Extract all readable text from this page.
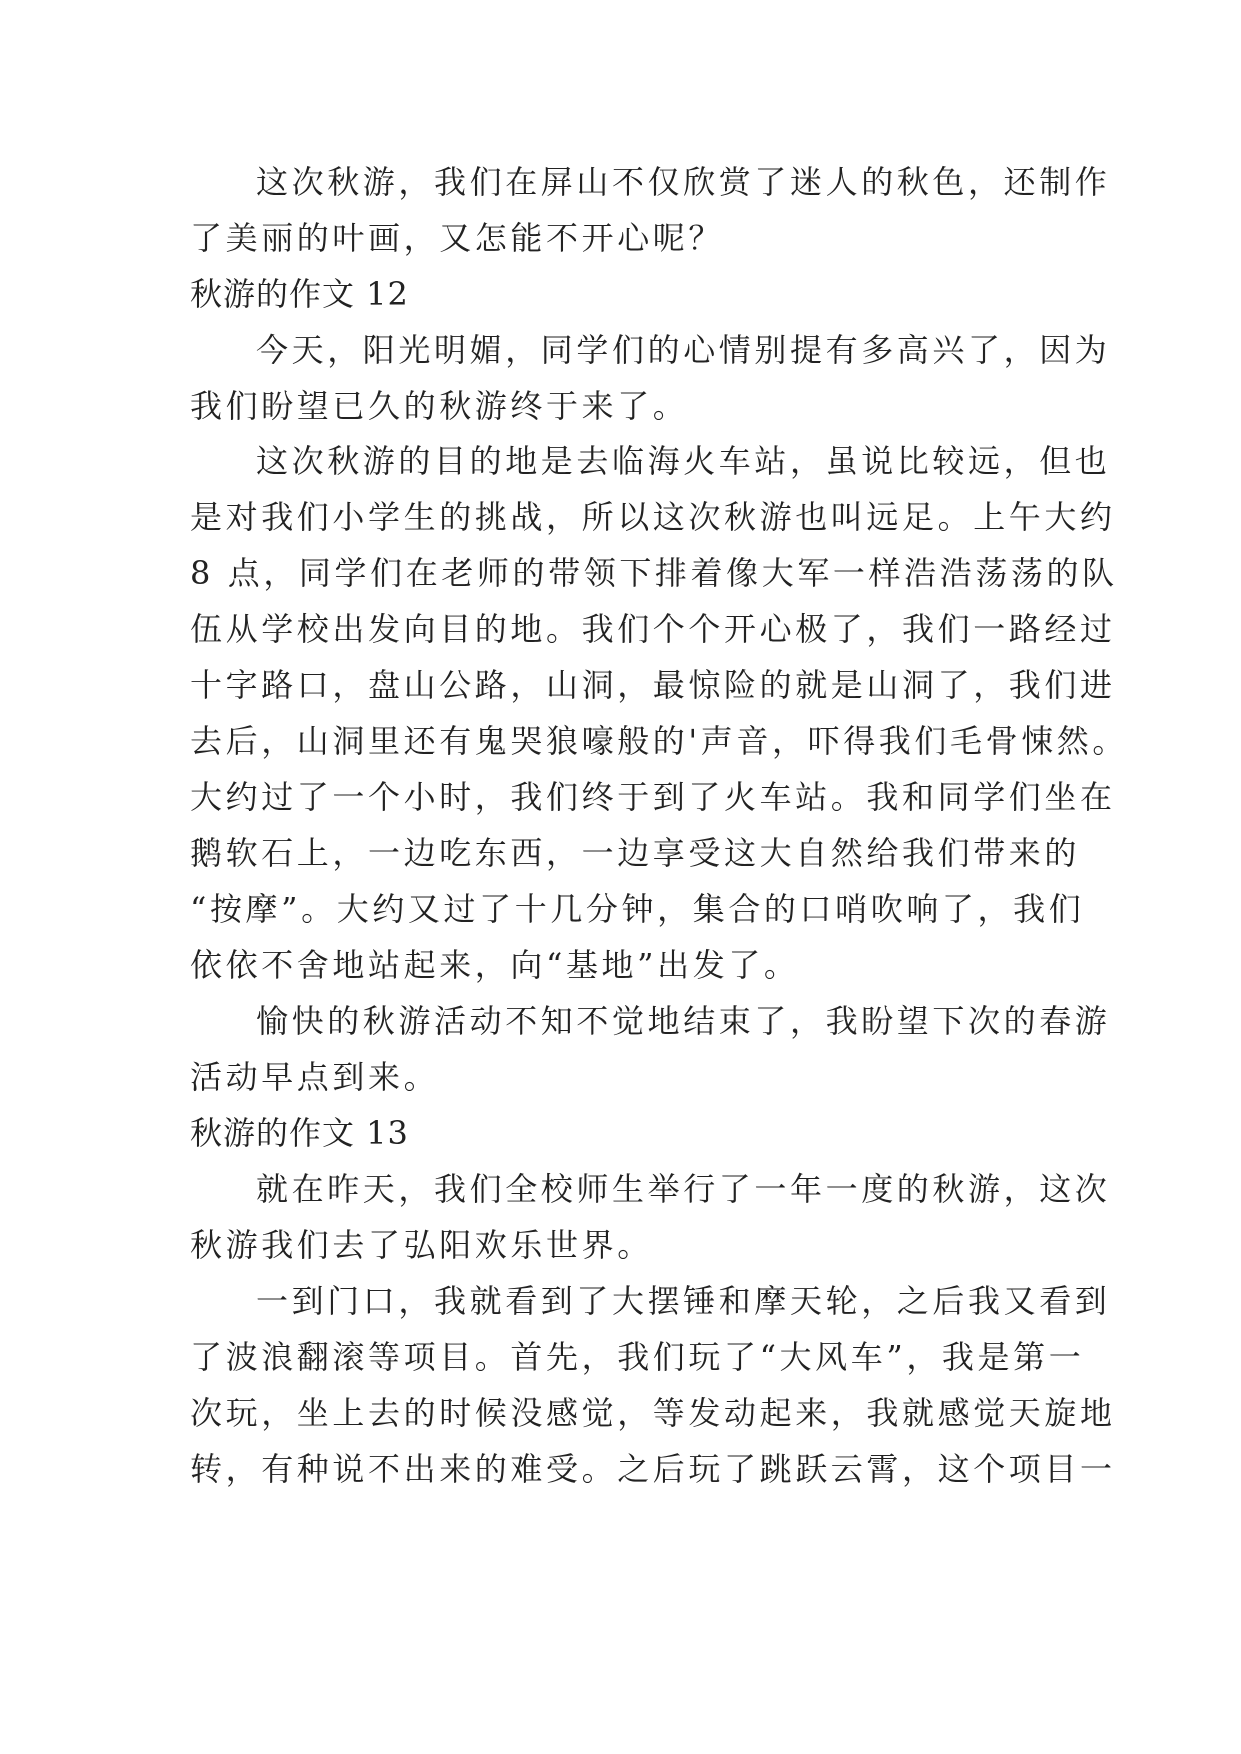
这次秋游，我们在屏山不仅欣赏了迷人的秋色，还制作
了美丽的叶画，又怎能不开心呢？
秋游的作文 12
今天，阳光明媚，同学们的心情别提有多高兴了，因为
我们盼望已久的秋游终于来了。
这次秋游的目的地是去临海火车站，虽说比较远，但也
是对我们小学生的挑战，所以这次秋游也叫远足。上午大约
8 点，同学们在老师的带领下排着像大军一样浩浩荡荡的队
伍从学校出发向目的地。我们个个开心极了，我们一路经过
十字路口，盘山公路，山洞，最惊险的就是山洞了，我们进
去后，山洞里还有鬼哭狼嚎般的'声音，吓得我们毛骨悚然。
大约过了一个小时，我们终于到了火车站。我和同学们坐在
鹅软石上，一边吃东西，一边享受这大自然给我们带来的
“按摩”。大约又过了十几分钟，集合的口哨吹响了，我们
依依不舍地站起来，向“基地”出发了。
愉快的秋游活动不知不觉地结束了，我盼望下次的春游
活动早点到来。
秋游的作文 13
就在昨天，我们全校师生举行了一年一度的秋游，这次
秋游我们去了弘阳欢乐世界。
一到门口，我就看到了大摆锤和摩天轮，之后我又看到
了波浪翻滚等项目。首先，我们玩了“大风车”，我是第一
次玩，坐上去的时候没感觉，等发动起来，我就感觉天旋地
转，有种说不出来的难受。之后玩了跳跃云霄，这个项目一
